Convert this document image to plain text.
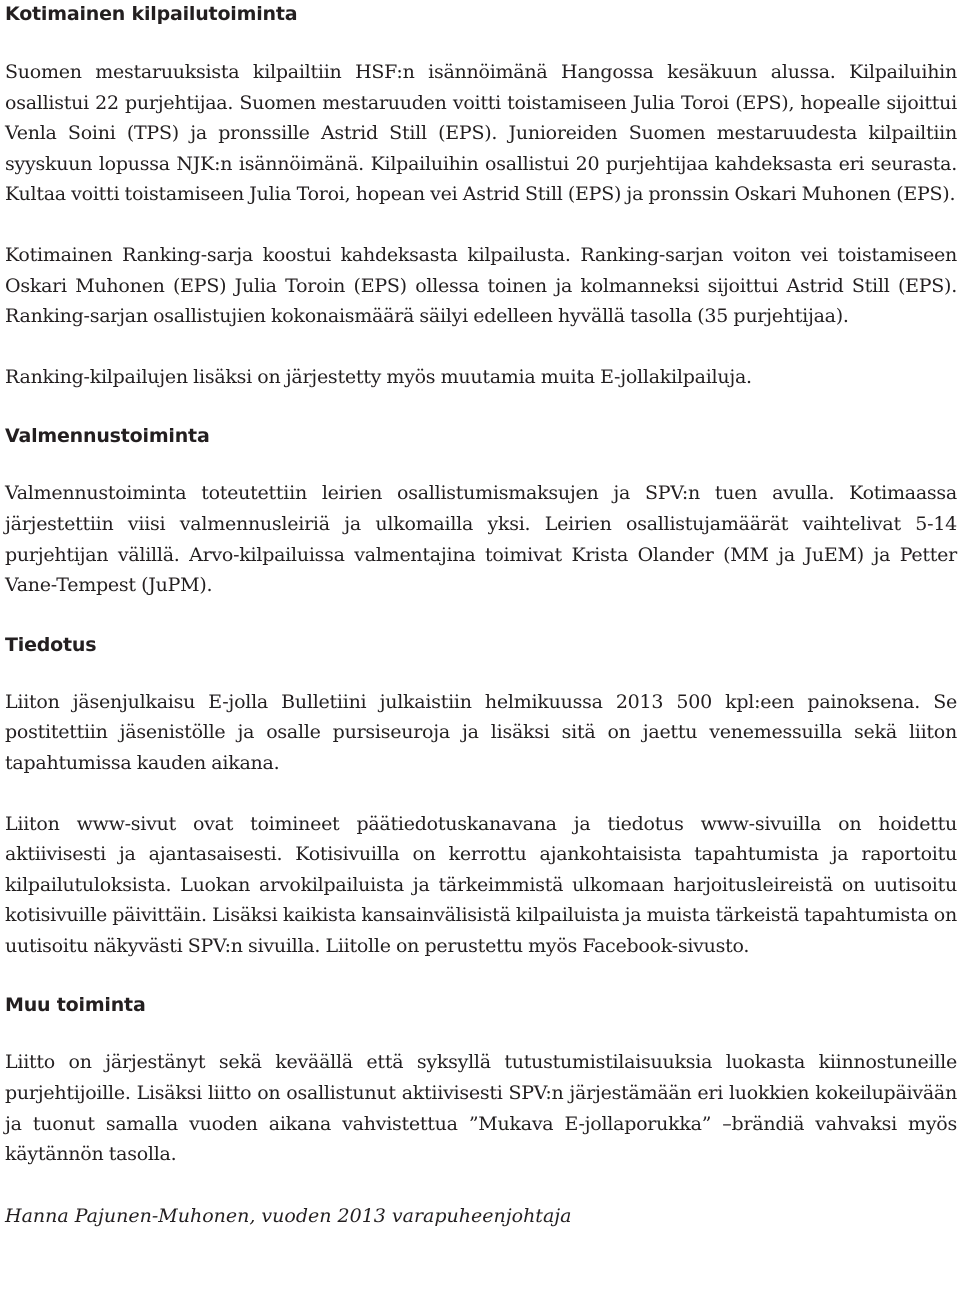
Kotimainen kilpailutoiminta

Suomen mestaruuksista kilpailtiin HSF:n isännöimänä Hangossa kesäkuun alussa. Kilpailuihin osallistui 22 purjehtijaa. Suomen mestaruuden voitti toistamiseen Julia Toroi (EPS), hopealle sijoittui Venla Soini (TPS) ja pronssille Astrid Still (EPS). Junioreiden Suomen mestaruudesta kilpailtiin syyskuun lopussa NJK:n isännöimänä. Kilpailuihin osallistui 20 purjehtijaa kahdeksasta eri seurasta. Kultaa voitti toistamiseen Julia Toroi, hopean vei Astrid Still (EPS) ja pronssin Oskari Muhonen (EPS).

Kotimainen Ranking-sarja koostui kahdeksasta kilpailusta. Ranking-sarjan voiton vei toistamiseen Oskari Muhonen (EPS) Julia Toroin (EPS) ollessa toinen ja kolmanneksi sijoittui Astrid Still (EPS). Ranking-sarjan osallistujien kokonaismäärä säilyi edelleen hyvällä tasolla (35 purjehtijaa).

Ranking-kilpailujen lisäksi on järjestetty myös muutamia muita E-jollakilpailuja.

Valmennustoiminta

Valmennustoiminta toteutettiin leirien osallistumismaksujen ja SPV:n tuen avulla. Kotimaassa järjestettiin viisi valmennusleiriä ja ulkomailla yksi. Leirien osallistujamäärät vaihtelivat 5-14 purjehtijan välillä. Arvo-kilpailuissa valmentajina toimivat Krista Olander (MM ja JuEM) ja Petter Vane-Tempest (JuPM).

Tiedotus

Liiton jäsenjulkaisu E-jolla Bulletiini julkaistiin helmikuussa 2013 500 kpl:een painoksena. Se postitettiin jäsenistölle ja osalle pursiseuroja ja lisäksi sitä on jaettu venemessuilla sekä liiton tapahtumissa kauden aikana.

Liiton www-sivut ovat toimineet päätiedotuskanavana ja tiedotus www-sivuilla on hoidettu aktiivisesti ja ajantasaisesti. Kotisivuilla on kerrottu ajankohtaisista tapahtumista ja raportoitu kilpailutuloksista. Luokan arvokilpailuista ja tärkeimmistä ulkomaan harjoitusleireistä on uutisoitu kotisivuille päivittäin. Lisäksi kaikista kansainvälisistä kilpailuista ja muista tärkeistä tapahtumista on uutisoitu näkyvästi SPV:n sivuilla. Liitolle on perustettu myös Facebook-sivusto.

Muu toiminta

Liitto on järjestänyt sekä keväällä että syksyllä tutustumistilaisuuksia luokasta kiinnostuneille purjehtijoille. Lisäksi liitto on osallistunut aktiivisesti SPV:n järjestämään eri luokkien kokeilupäivään ja tuonut samalla vuoden aikana vahvistettua ”Mukava E-jollaporukka” –brändiä vahvaksi myös käytännön tasolla.

Hanna Pajunen-Muhonen, vuoden 2013 varapuheenjohtaja
